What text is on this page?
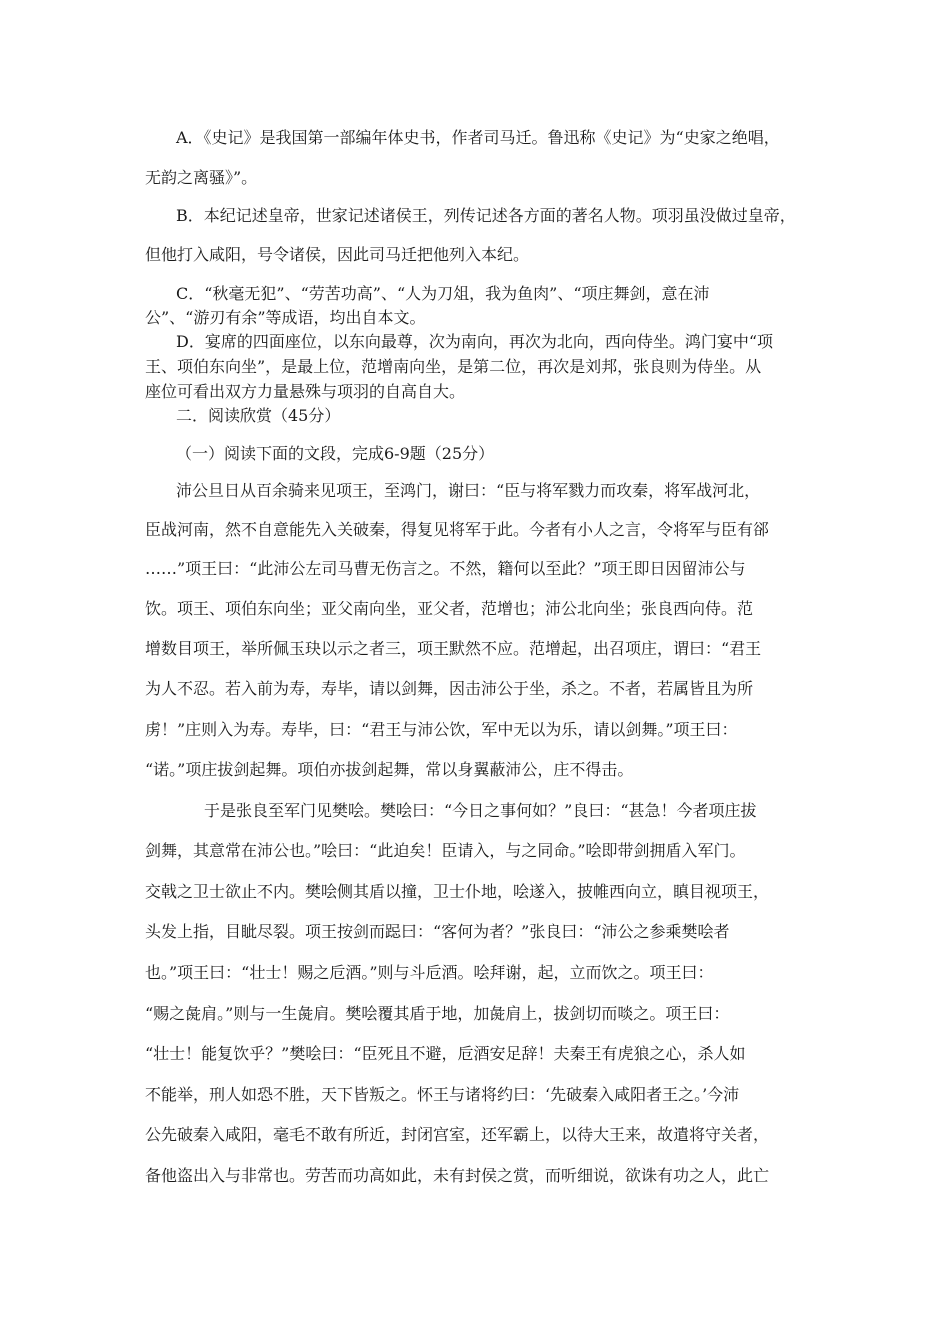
A．《史记》是我国第一部编年体史书，作者司马迁。鲁迅称《史记》为“史家之绝唱，

无韵之离骚》”。

B．本纪记述皇帝，世家记述诸侯王，列传记述各方面的著名人物。项羽虽没做过皇帝，

但他打入咸阳，号令诸侯，因此司马迁把他列入本纪。

C．“秋毫无犯”、“劳苦功高”、“人为刀俎，我为鱼肉”、“项庄舞剑，意在沛

公”、“游刃有余”等成语，均出自本文。

D．宴席的四面座位，以东向最尊，次为南向，再次为北向，西向侍坐。鸿门宴中“项

王、项伯东向坐”，是最上位，范增南向坐，是第二位，再次是刘邦，张良则为侍坐。从

座位可看出双方力量悬殊与项羽的自高自大。

二．阅读欣赏（45分）

（一）阅读下面的文段，完成6-9题（25分）

沛公旦日从百余骑来见项王，至鸿门，谢曰：“臣与将军戮力而攻秦，将军战河北，

臣战河南，然不自意能先入关破秦，得复见将军于此。今者有小人之言，令将军与臣有郤

……”项王曰：“此沛公左司马曹无伤言之。不然，籍何以至此？”项王即日因留沛公与

饮。项王、项伯东向坐；亚父南向坐，亚父者，范增也；沛公北向坐；张良西向侍。范

增数目项王，举所佩玉玦以示之者三，项王默然不应。范增起，出召项庄，谓曰：“君王

为人不忍。若入前为寿，寿毕，请以剑舞，因击沛公于坐，杀之。不者，若属皆且为所

虏！”庄则入为寿。寿毕，曰：“君王与沛公饮，军中无以为乐，请以剑舞。”项王曰：

“诺。”项庄拔剑起舞。项伯亦拔剑起舞，常以身翼蔽沛公，庄不得击。

于是张良至军门见樊哙。樊哙曰：“今日之事何如？”良曰：“甚急！今者项庄拔

剑舞，其意常在沛公也。”哙曰：“此迫矣！臣请入，与之同命。”哙即带剑拥盾入军门。

交戟之卫士欲止不内。樊哙侧其盾以撞，卫士仆地，哙遂入，披帷西向立，瞋目视项王，

头发上指，目眦尽裂。项王按剑而跽曰：“客何为者？”张良曰：“沛公之参乘樊哙者

也。”项王曰：“壮士！赐之卮酒。”则与斗卮酒。哙拜谢，起，立而饮之。项王曰：

“赐之彘肩。”则与一生彘肩。樊哙覆其盾于地，加彘肩上，拔剑切而啖之。项王曰：

“壮士！能复饮乎？”樊哙曰：“臣死且不避，卮酒安足辞！夫秦王有虎狼之心，杀人如

不能举，刑人如恐不胜，天下皆叛之。怀王与诸将约曰：‘先破秦入咸阳者王之。’今沛

公先破秦入咸阳，毫毛不敢有所近，封闭宫室，还军霸上，以待大王来，故遣将守关者，

备他盗出入与非常也。劳苦而功高如此，未有封侯之赏，而听细说，欲诛有功之人，此亡
